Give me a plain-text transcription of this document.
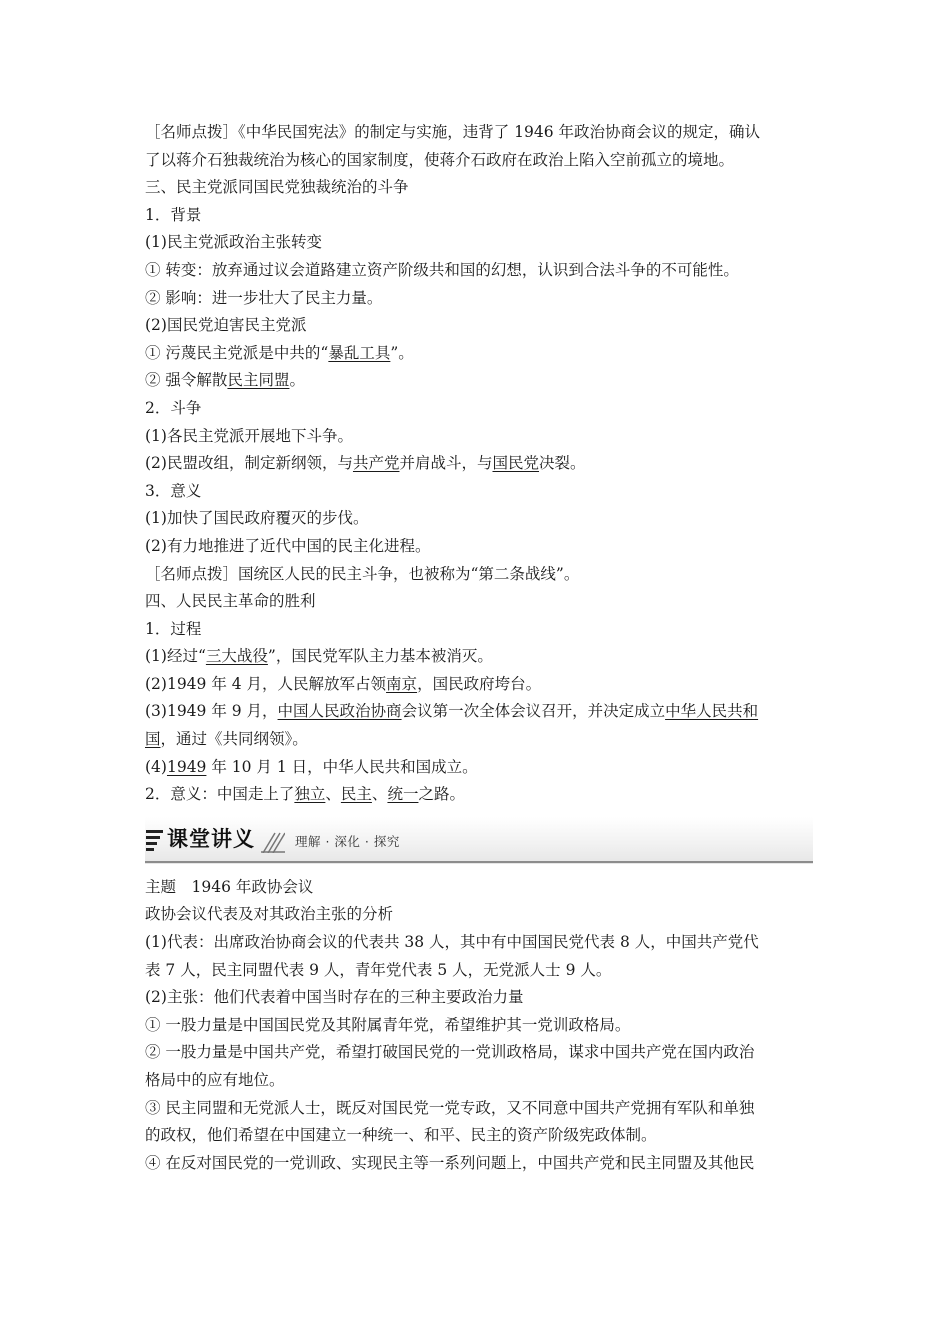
［名师点拨］《中华民国宪法》的制定与实施，违背了 1946 年政治协商会议的规定，确认
了以蒋介石独裁统治为核心的国家制度，使蒋介石政府在政治上陷入空前孤立的境地。
三、民主党派同国民党独裁统治的斗争
1．背景
(1)民主党派政治主张转变
① 转变：放弃通过议会道路建立资产阶级共和国的幻想，认识到合法斗争的不可能性。
② 影响：进一步壮大了民主力量。
(2)国民党迫害民主党派
① 污蔑民主党派是中共的“暴乱工具”。
② 强令解散民主同盟。
2．斗争
(1)各民主党派开展地下斗争。
(2)民盟改组，制定新纲领，与共产党并肩战斗，与国民党决裂。
3．意义
(1)加快了国民政府覆灭的步伐。
(2)有力地推进了近代中国的民主化进程。
［名师点拨］国统区人民的民主斗争，也被称为“第二条战线”。
四、人民民主革命的胜利
1．过程
(1)经过“三大战役”，国民党军队主力基本被消灭。
(2)1949 年 4 月，人民解放军占领南京，国民政府垮台。
(3)1949 年 9 月，中国人民政治协商会议第一次全体会议召开，并决定成立中华人民共和
国，通过《共同纲领》。
(4)1949 年 10 月 1 日，中华人民共和国成立。
2．意义：中国走上了独立、民主、统一之路。
课堂讲义	理解 · 深化 · 探究
主题　1946 年政协会议
政协会议代表及对其政治主张的分析
(1)代表：出席政治协商会议的代表共 38 人，其中有中国国民党代表 8 人，中国共产党代
表 7 人，民主同盟代表 9 人，青年党代表 5 人，无党派人士 9 人。
(2)主张：他们代表着中国当时存在的三种主要政治力量
① 一股力量是中国国民党及其附属青年党，希望维护其一党训政格局。
② 一股力量是中国共产党，希望打破国民党的一党训政格局，谋求中国共产党在国内政治
格局中的应有地位。
③ 民主同盟和无党派人士，既反对国民党一党专政，又不同意中国共产党拥有军队和单独
的政权，他们希望在中国建立一种统一、和平、民主的资产阶级宪政体制。
④ 在反对国民党的一党训政、实现民主等一系列问题上，中国共产党和民主同盟及其他民
